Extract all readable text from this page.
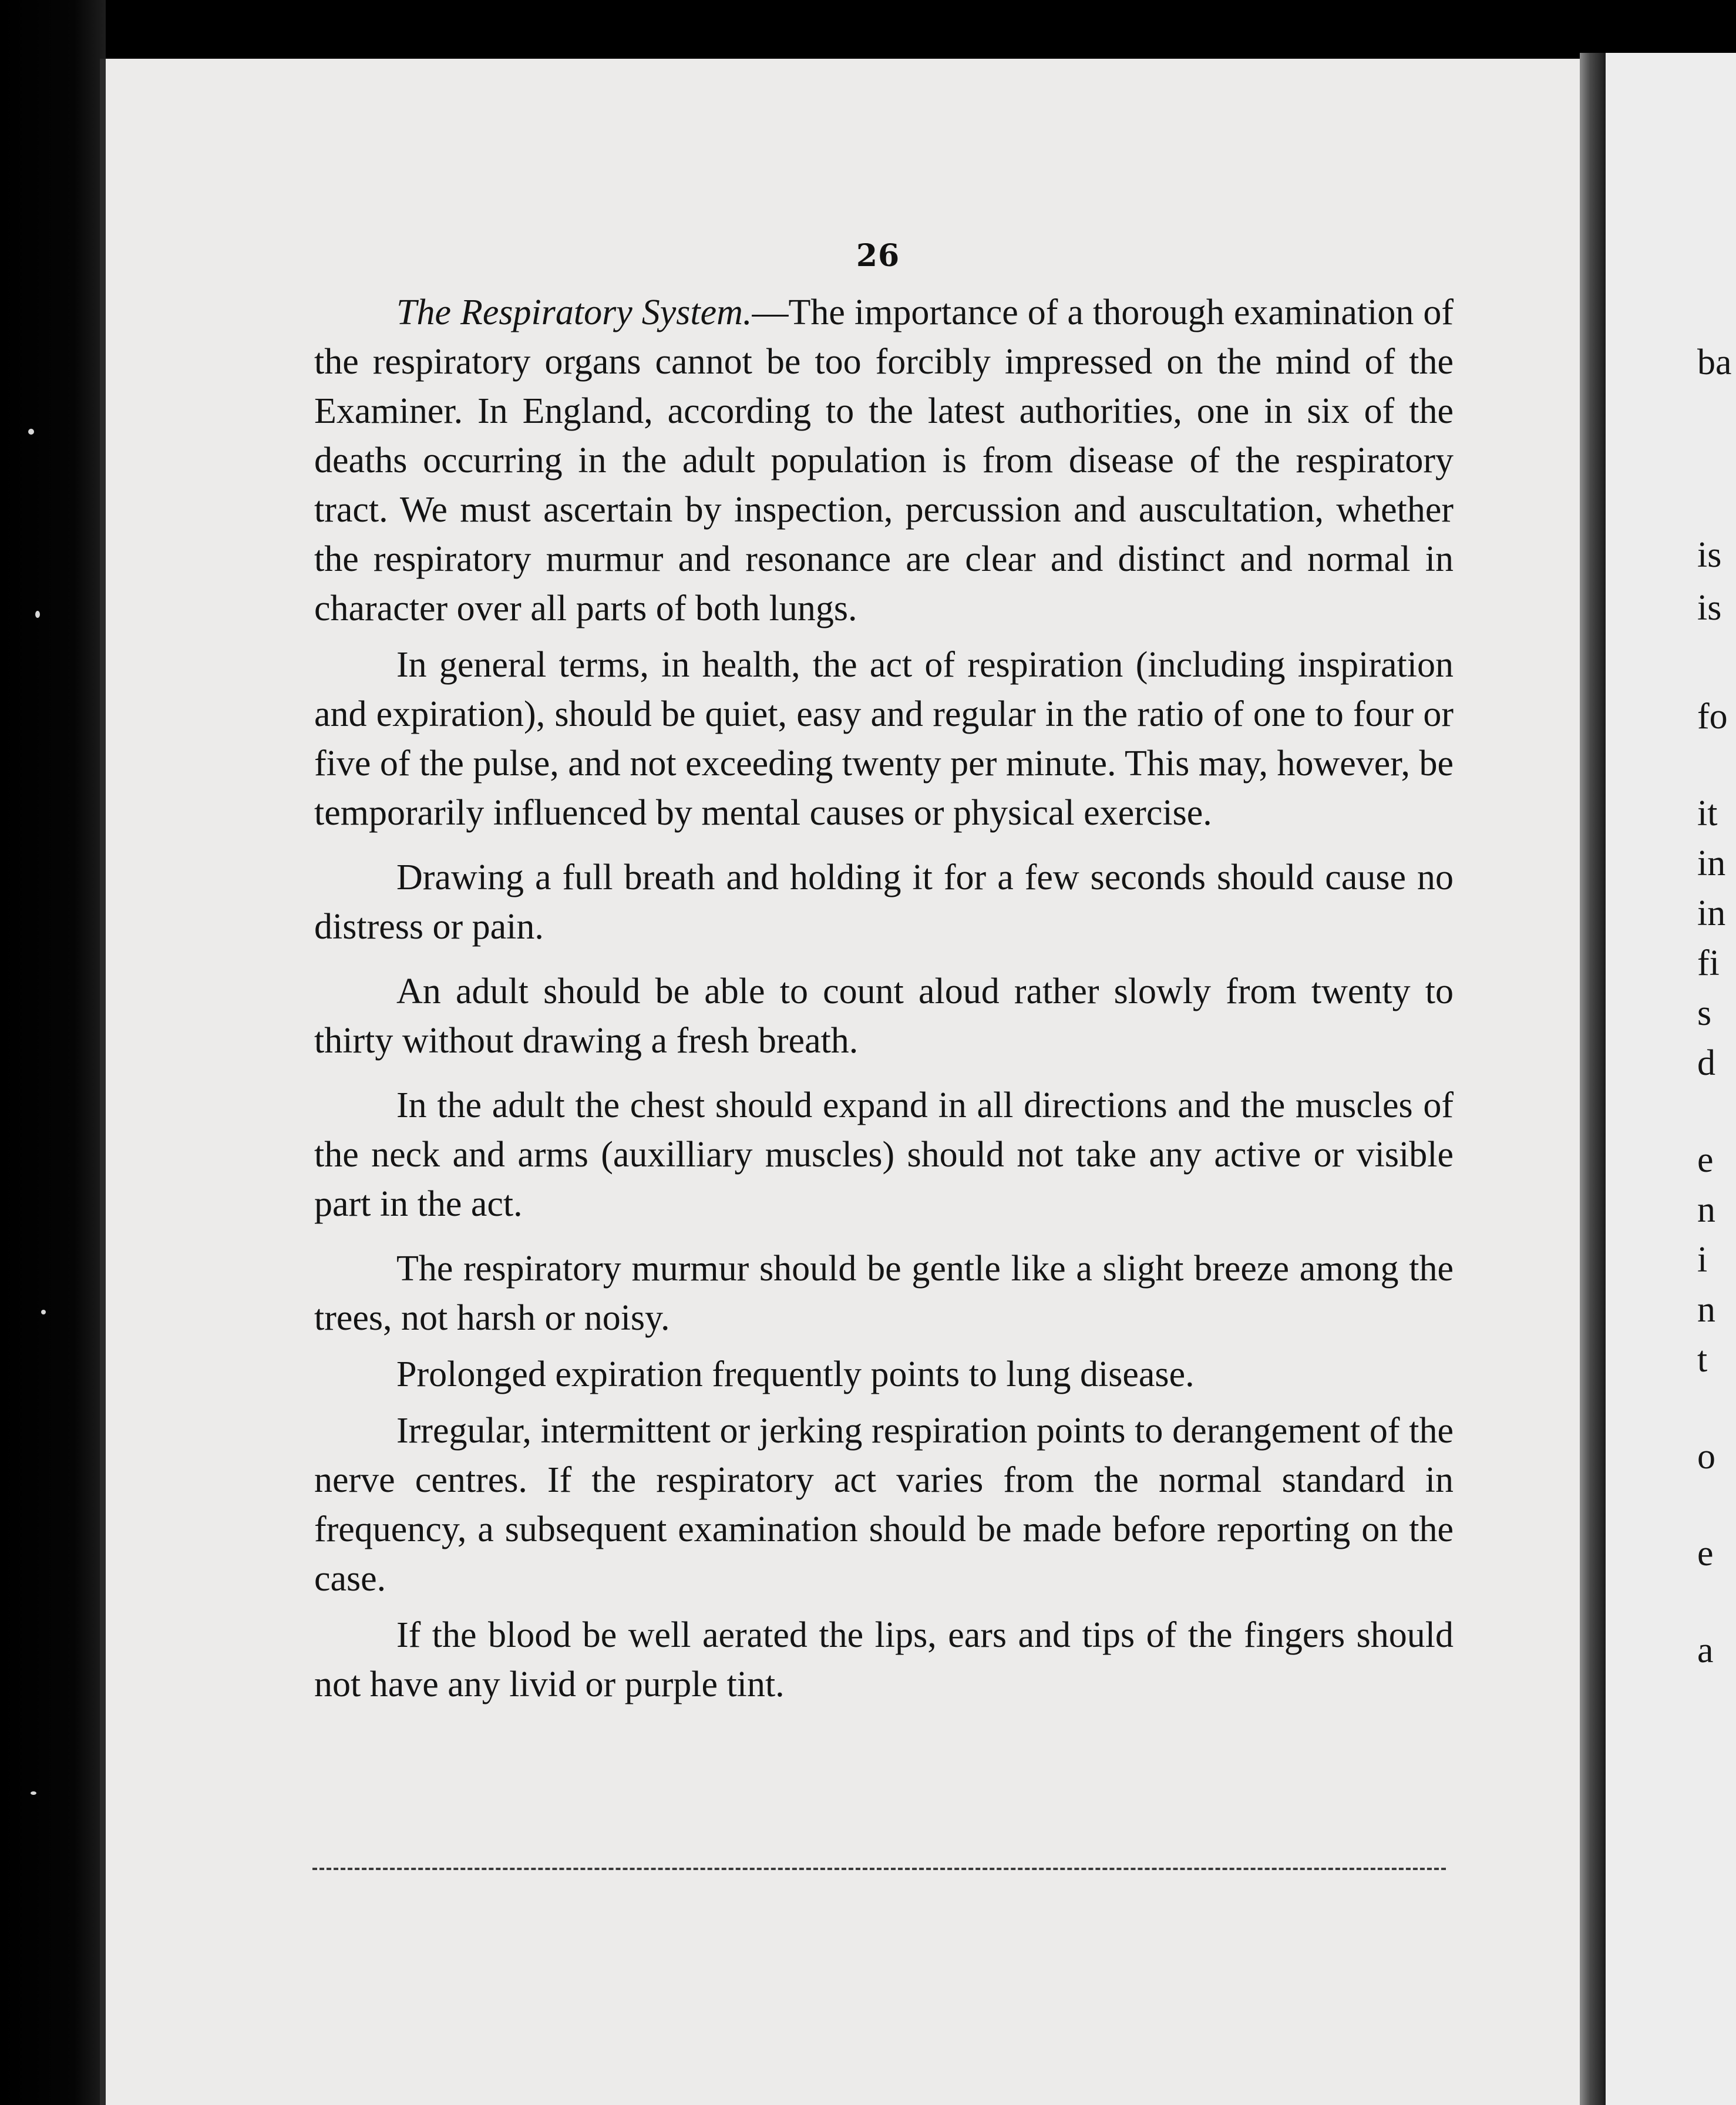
26

The Respiratory System.—The importance of a thorough examination of the respiratory organs cannot be too forcibly impressed on the mind of the Examiner. In England, according to the latest authorities, one in six of the deaths occurring in the adult population is from disease of the respiratory tract. We must ascertain by inspection, percussion and auscultation, whether the respiratory murmur and resonance are clear and distinct and normal in character over all parts of both lungs.

In general terms, in health, the act of respiration (including inspiration and expiration), should be quiet, easy and regular in the ratio of one to four or five of the pulse, and not exceeding twenty per minute. This may, however, be temporarily influenced by mental causes or physical exercise.

Drawing a full breath and holding it for a few seconds should cause no distress or pain.

An adult should be able to count aloud rather slowly from twenty to thirty without drawing a fresh breath.

In the adult the chest should expand in all directions and the muscles of the neck and arms (auxilliary muscles) should not take any active or visible part in the act.

The respiratory murmur should be gentle like a slight breeze among the trees, not harsh or noisy.

Prolonged expiration frequently points to lung disease.

Irregular, intermittent or jerking respiration points to derangement of the nerve centres. If the respiratory act varies from the normal standard in frequency, a subsequent examination should be made before reporting on the case.

If the blood be well aerated the lips, ears and tips of the fingers should not have any livid or purple tint.

ba
is
is
fo
it
in
in
fi
s
d
e
n
i
n
t
o
e
a
